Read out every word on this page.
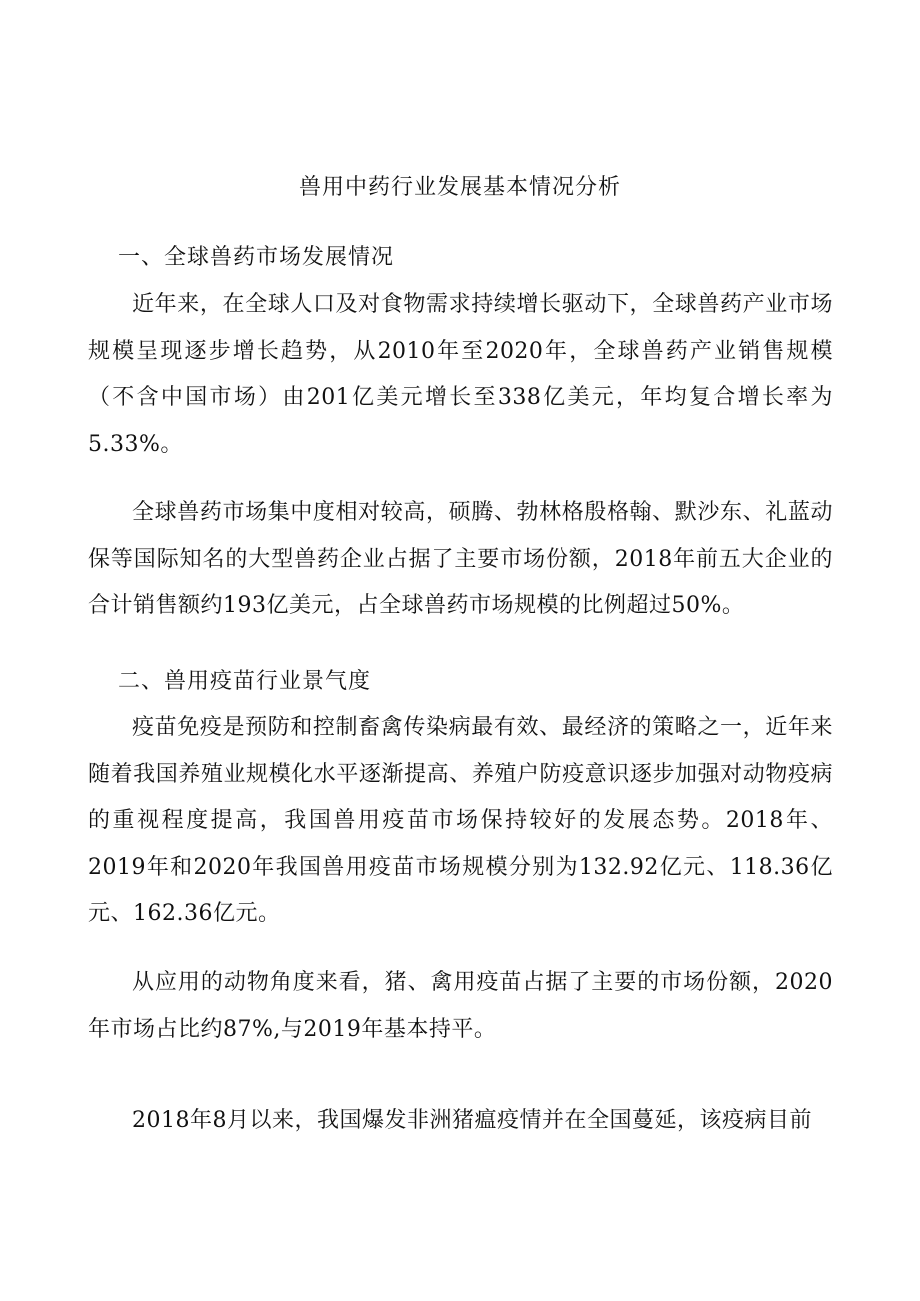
兽用中药行业发展基本情况分析
一、全球兽药市场发展情况

近年来，在全球人口及对食物需求持续增长驱动下，全球兽药产业市场规模呈现逐步增长趋势，从2010年至2020年，全球兽药产业销售规模（不含中国市场）由201亿美元增长至338亿美元，年均复合增长率为5.33%。

全球兽药市场集中度相对较高，硕腾、勃林格殷格翰、默沙东、礼蓝动保等国际知名的大型兽药企业占据了主要市场份额，2018年前五大企业的合计销售额约193亿美元，占全球兽药市场规模的比例超过50%。

二、兽用疫苗行业景气度

疫苗免疫是预防和控制畜禽传染病最有效、最经济的策略之一，近年来随着我国养殖业规模化水平逐渐提高、养殖户防疫意识逐步加强对动物疫病的重视程度提高，我国兽用疫苗市场保持较好的发展态势。2018年、2019年和2020年我国兽用疫苗市场规模分别为132.92亿元、118.36亿元、162.36亿元。

从应用的动物角度来看，猪、禽用疫苗占据了主要的市场份额，2020年市场占比约87%,与2019年基本持平。

2018年8月以来，我国爆发非洲猪瘟疫情并在全国蔓延，该疫病目前
